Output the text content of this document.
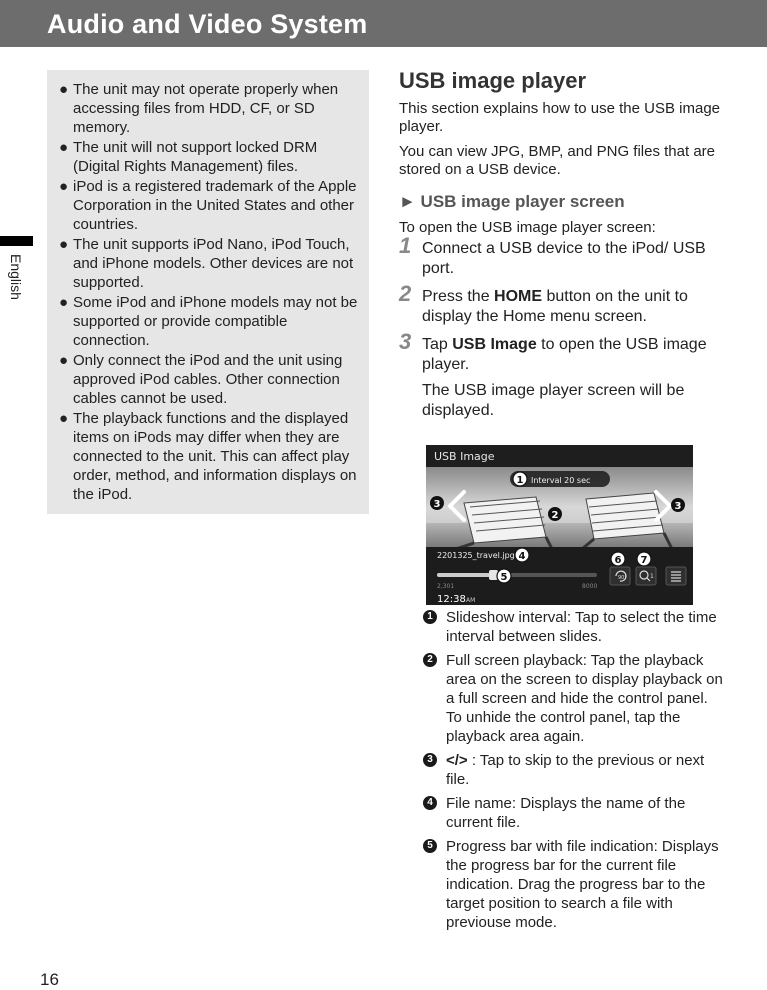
Audio and Video System
English
● The unit may not operate properly when accessing files from HDD, CF, or SD memory.
● The unit will not support locked DRM (Digital Rights Management) files.
● iPod is a registered trademark of the Apple Corporation in the United States and other countries.
● The unit supports iPod Nano, iPod Touch, and iPhone models. Other devices are not supported.
● Some iPod and iPhone models may not be supported or provide compatible connection.
● Only connect the iPod and the unit using approved iPod cables. Other connection cables cannot be used.
● The playback functions and the displayed items on iPods may differ when they are connected to the unit. This can affect play order, method, and information displays on the iPod.
USB image player

This section explains how to use the USB image player.

You can view JPG, BMP, and PNG files that are stored on a USB device.

► USB image player screen

To open the USB image player screen:

1 Connect a USB device to the iPod/ USB port.
2 Press the HOME button on the unit to display the Home menu screen.
3 Tap USB Image to open the USB image player.

The USB image player screen will be displayed.

USB Image
Interval 20 sec
2201325_travel.jpg
2,301	8000
12:38 AM
90°	1
1
2
3	3
4
5
6 7
1 Slideshow interval: Tap to select the time interval between slides.
2 Full screen playback: Tap the playback area on the screen to display playback on a full screen and hide the control panel. To unhide the control panel, tap the playback area again.
3 </> : Tap to skip to the previous or next file.
4 File name: Displays the name of the current file.
5 Progress bar with file indication: Displays the progress bar for the current file indication. Drag the progress bar to the target position to search a file with previouse mode.
16
